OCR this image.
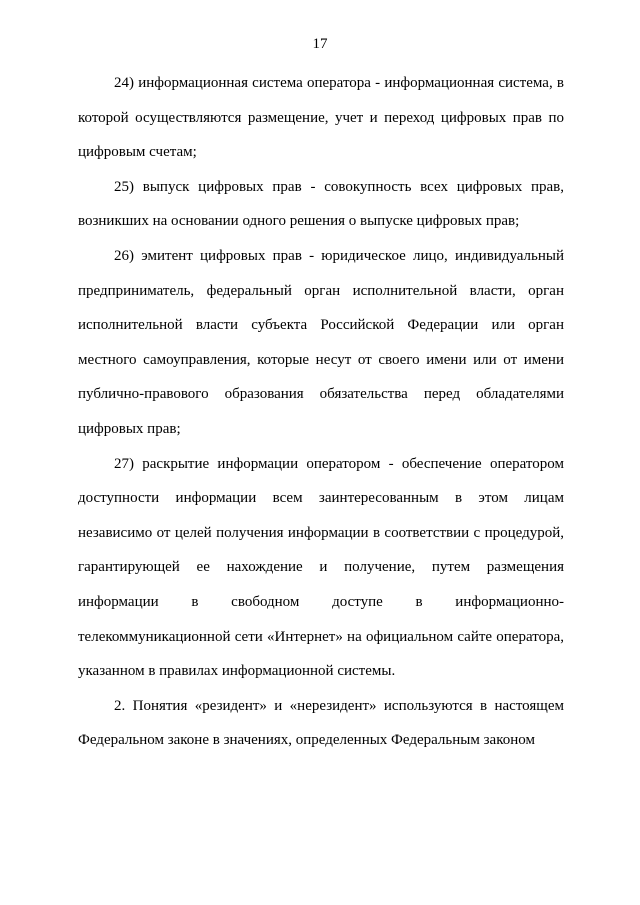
17

24) информационная система оператора - информационная система, в которой осуществляются размещение, учет и переход цифровых прав по цифровым счетам;

25) выпуск цифровых прав - совокупность всех цифровых прав, возникших на основании одного решения о выпуске цифровых прав;

26) эмитент цифровых прав - юридическое лицо, индивидуальный предприниматель, федеральный орган исполнительной власти, орган исполнительной власти субъекта Российской Федерации или орган местного самоуправления, которые несут от своего имени или от имени публично-правового образования обязательства перед обладателями цифровых прав;

27) раскрытие информации оператором - обеспечение оператором доступности информации всем заинтересованным в этом лицам независимо от целей получения информации в соответствии с процедурой, гарантирующей ее нахождение и получение, путем размещения информации в свободном доступе в информационно-телекоммуникационной сети «Интернет» на официальном сайте оператора, указанном в правилах информационной системы.

2. Понятия «резидент» и «нерезидент» используются в настоящем Федеральном законе в значениях, определенных Федеральным законом
